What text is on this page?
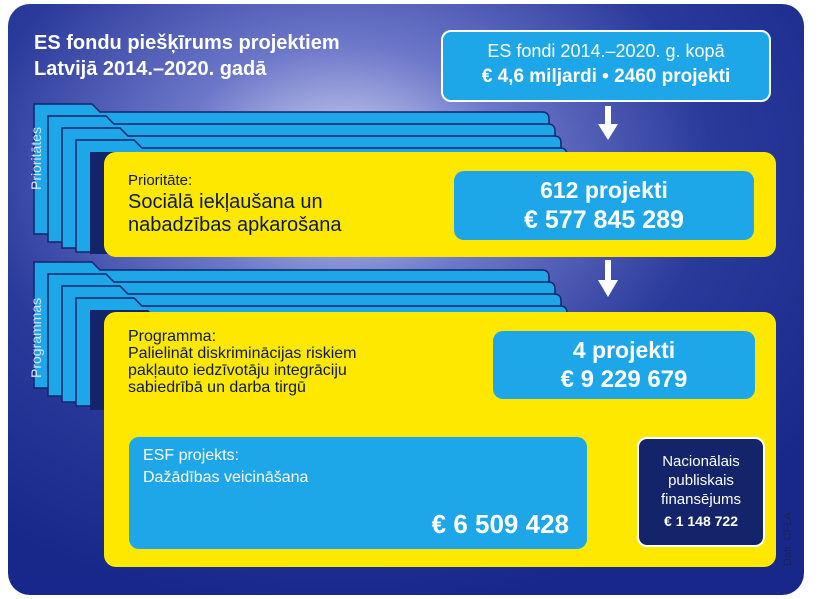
ES fondu piešķīrums projektiem
Latvijā 2014.–2020. gadā
ES fondi 2014.–2020. g. kopā
€ 4,6 miljardi • 2460 projekti
Prioritātes
Programmas
Prioritāte:
Sociālā iekļaušana un
nabadzības apkarošana
612 projekti
€ 577 845 289
Programma:
Palielināt diskriminācijas riskiem
pakļauto iedzīvotāju integrāciju
sabiedrībā un darba tirgū
4 projekti
€ 9 229 679
ESF projekts:
Dažādības veicināšana
€ 6 509 428
Nacionālais
publiskais
finansējums
€ 1 148 722	Dati: CFLA
